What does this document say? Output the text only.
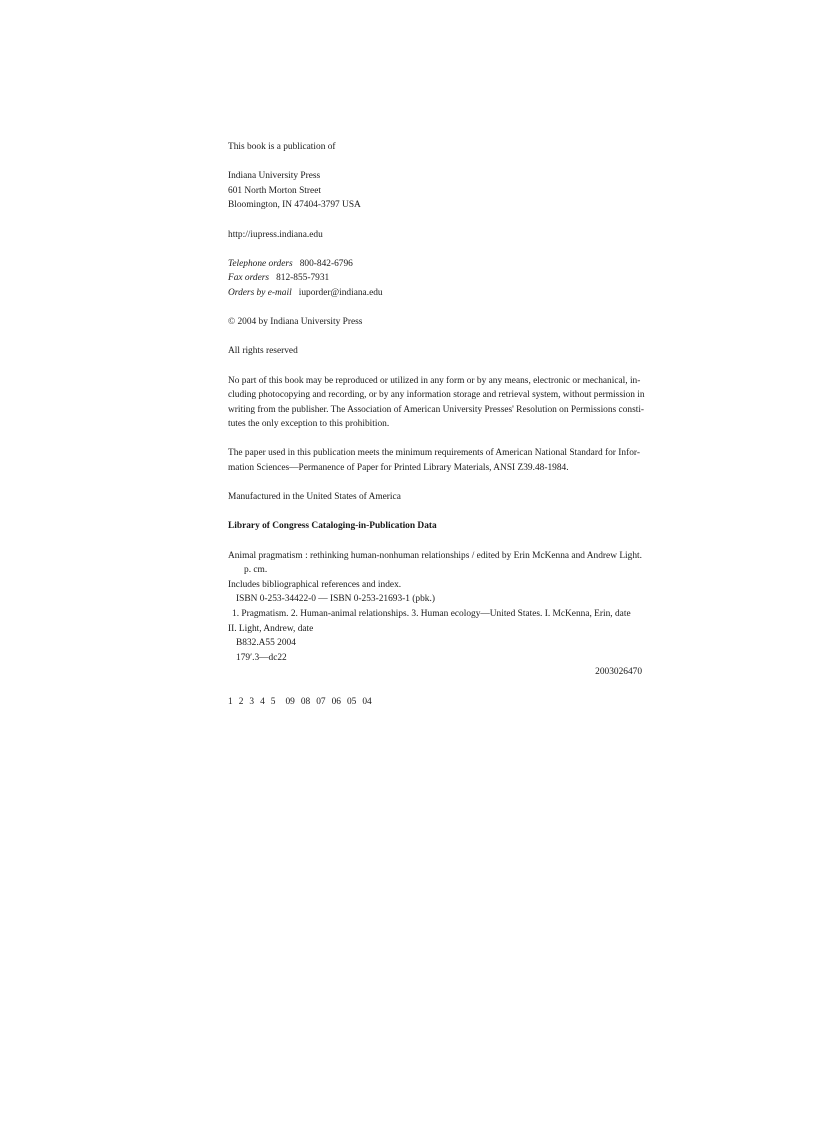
This book is a publication of
Indiana University Press
601 North Morton Street
Bloomington, IN 47404-3797 USA
http://iupress.indiana.edu
Telephone orders 800-842-6796
Fax orders 812-855-7931
Orders by e-mail iuporder@indiana.edu
© 2004 by Indiana University Press
All rights reserved
No part of this book may be reproduced or utilized in any form or by any means, electronic or mechanical, in-
cluding photocopying and recording, or by any information storage and retrieval system, without permission in
writing from the publisher. The Association of American University Presses' Resolution on Permissions consti-
tutes the only exception to this prohibition.
The paper used in this publication meets the minimum requirements of American National Standard for Infor-
mation Sciences—Permanence of Paper for Printed Library Materials, ANSI Z39.48-1984.
Manufactured in the United States of America
Library of Congress Cataloging-in-Publication Data
Animal pragmatism : rethinking human-nonhuman relationships / edited by Erin McKenna and Andrew Light.
p. cm.
Includes bibliographical references and index.
ISBN 0-253-34422-0 — ISBN 0-253-21693-1 (pbk.)
1. Pragmatism. 2. Human-animal relationships. 3. Human ecology—United States. I. McKenna, Erin, date
II. Light, Andrew, date
B832.A55 2004
179′.3—dc22
2003026470
1 2 3 4 5 09 08 07 06 05 04
